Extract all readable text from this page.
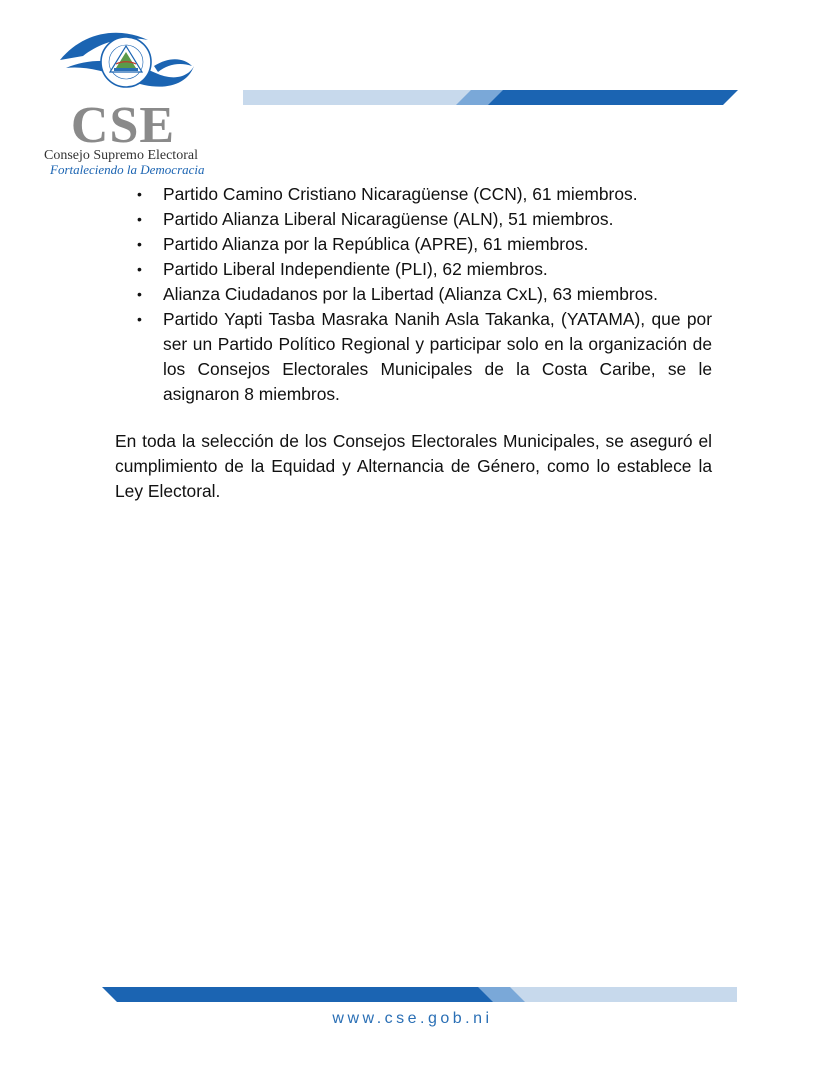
CSE
Consejo Supremo Electoral
Fortaleciendo la Democracia
• Partido Camino Cristiano Nicaragüense (CCN), 61 miembros.
• Partido Alianza Liberal Nicaragüense (ALN), 51 miembros.
• Partido Alianza por la República (APRE), 61 miembros.
• Partido Liberal Independiente (PLI), 62 miembros.
• Alianza Ciudadanos por la Libertad (Alianza CxL), 63 miembros.
• Partido Yapti Tasba Masraka Nanih Asla Takanka, (YATAMA), que por ser un Partido Político Regional y participar solo en la organización de los Consejos Electorales Municipales de la Costa Caribe, se le asignaron 8 miembros.

En toda la selección de los Consejos Electorales Municipales, se aseguró el cumplimiento de la Equidad y Alternancia de Género, como lo establece la Ley Electoral.

www.cse.gob.ni
